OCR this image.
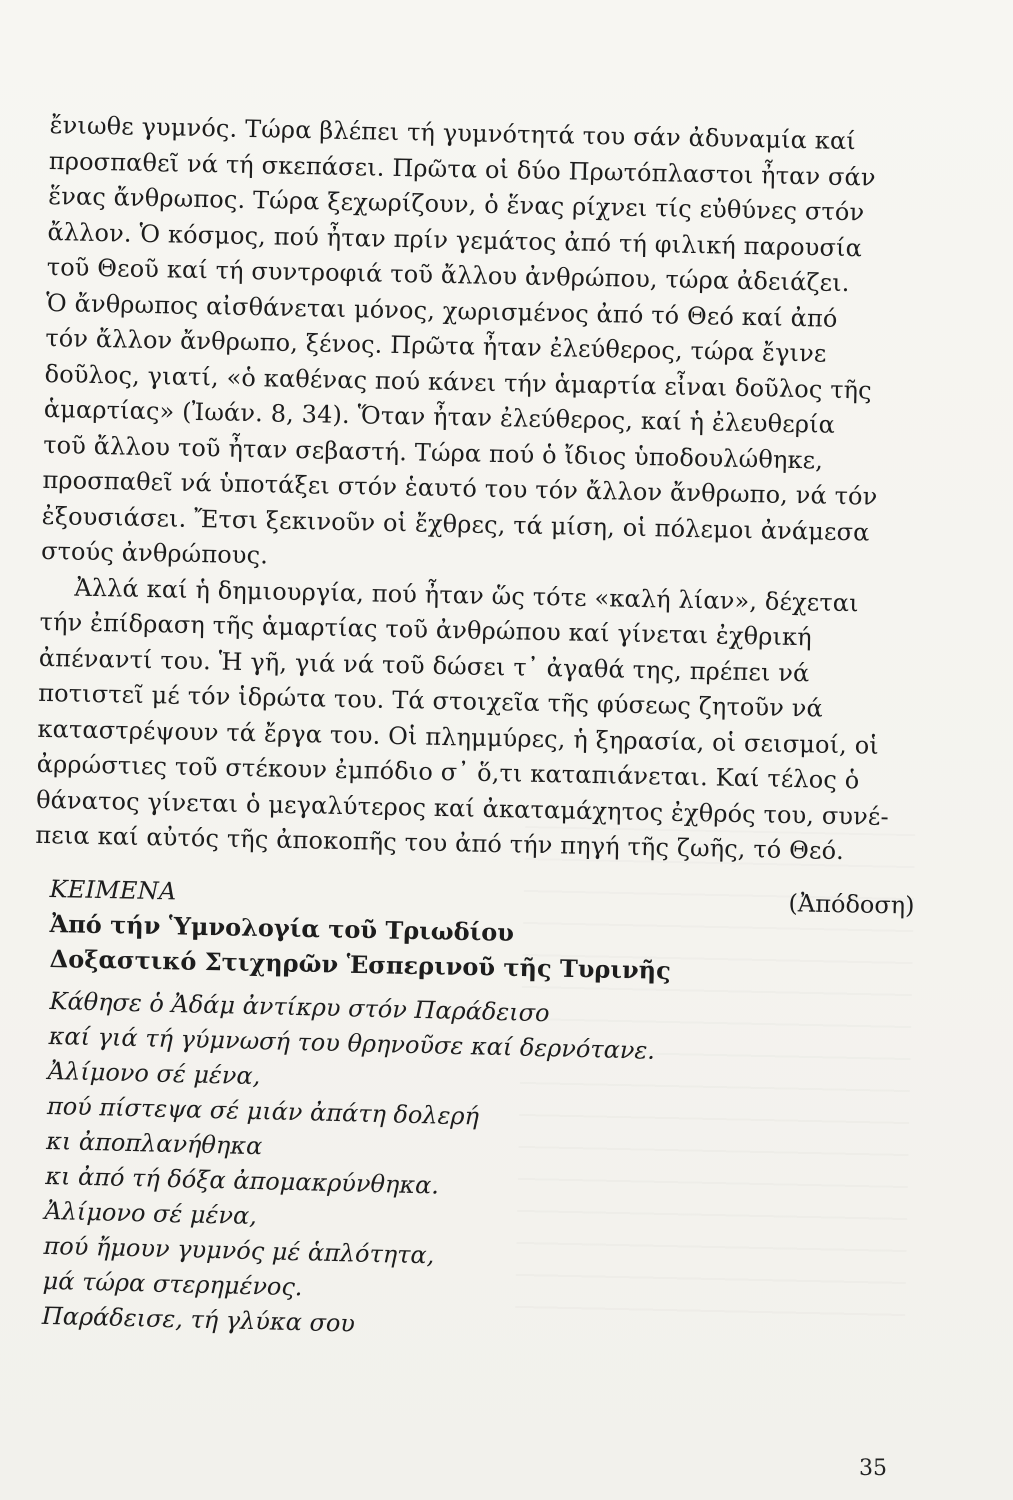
ἔνιωθε γυμνός. Τώρα βλέπει τή γυμνότητά του σάν ἀδυναμία καί
προσπαθεῖ νά τή σκεπάσει. Πρῶτα οἱ δύο Πρωτόπλαστοι ἦταν σάν
ἕνας ἄνθρωπος. Τώρα ξεχωρίζουν, ὁ ἕνας ρίχνει τίς εὐθύνες στόν
ἄλλον. Ὁ κόσμος, πού ἦταν πρίν γεμάτος ἀπό τή φιλική παρουσία
τοῦ Θεοῦ καί τή συντροφιά τοῦ ἄλλου ἀνθρώπου, τώρα ἀδειάζει.
Ὁ ἄνθρωπος αἰσθάνεται μόνος, χωρισμένος ἀπό τό Θεό καί ἀπό
τόν ἄλλον ἄνθρωπο, ξένος. Πρῶτα ἦταν ἐλεύθερος, τώρα ἔγινε
δοῦλος, γιατί, «ὁ καθένας πού κάνει τήν ἁμαρτία εἶναι δοῦλος τῆς
ἁμαρτίας» (Ἰωάν. 8, 34). Ὅταν ἦταν ἐλεύθερος, καί ἡ ἐλευθερία
τοῦ ἄλλου τοῦ ἦταν σεβαστή. Τώρα πού ὁ ἴδιος ὑποδουλώθηκε,
προσπαθεῖ νά ὑποτάξει στόν ἑαυτό του τόν ἄλλον ἄνθρωπο, νά τόν
ἐξουσιάσει. Ἔτσι ξεκινοῦν οἱ ἔχθρες, τά μίση, οἱ πόλεμοι ἀνάμεσα
στούς ἀνθρώπους.
Ἀλλά καί ἡ δημιουργία, πού ἦταν ὥς τότε «καλή λίαν», δέχεται
τήν ἐπίδραση τῆς ἁμαρτίας τοῦ ἀνθρώπου καί γίνεται ἐχθρική
ἀπέναντί του. Ἡ γῆ, γιά νά τοῦ δώσει τ᾽ ἀγαθά της, πρέπει νά
ποτιστεῖ μέ τόν ἱδρώτα του. Τά στοιχεῖα τῆς φύσεως ζητοῦν νά
καταστρέψουν τά ἔργα του. Οἱ πλημμύρες, ἡ ξηρασία, οἱ σεισμοί, οἱ
ἀρρώστιες τοῦ στέκουν ἐμπόδιο σ᾽ ὅ,τι καταπιάνεται. Καί τέλος ὁ
θάνατος γίνεται ὁ μεγαλύτερος καί ἀκαταμάχητος ἐχθρός του, συνέ-
πεια καί αὐτός τῆς ἀποκοπῆς του ἀπό τήν πηγή τῆς ζωῆς, τό Θεό.
ΚΕΙΜΕΝΑ	(Ἀπόδοση)
Ἀπό τήν Ὑμνολογία τοῦ Τριωδίου
Δοξαστικό Στιχηρῶν Ἑσπερινοῦ τῆς Τυρινῆς
Κάθησε ὁ Ἀδάμ ἀντίκρυ στόν Παράδεισο
καί γιά τή γύμνωσή του θρηνοῦσε καί δερνότανε.
Ἀλίμονο σέ μένα,
πού πίστεψα σέ μιάν ἀπάτη δολερή
κι ἀποπλανήθηκα
κι ἀπό τή δόξα ἀπομακρύνθηκα.
Ἀλίμονο σέ μένα,
πού ἤμουν γυμνός μέ ἁπλότητα,
μά τώρα στερημένος.
Παράδεισε, τή γλύκα σου
35
